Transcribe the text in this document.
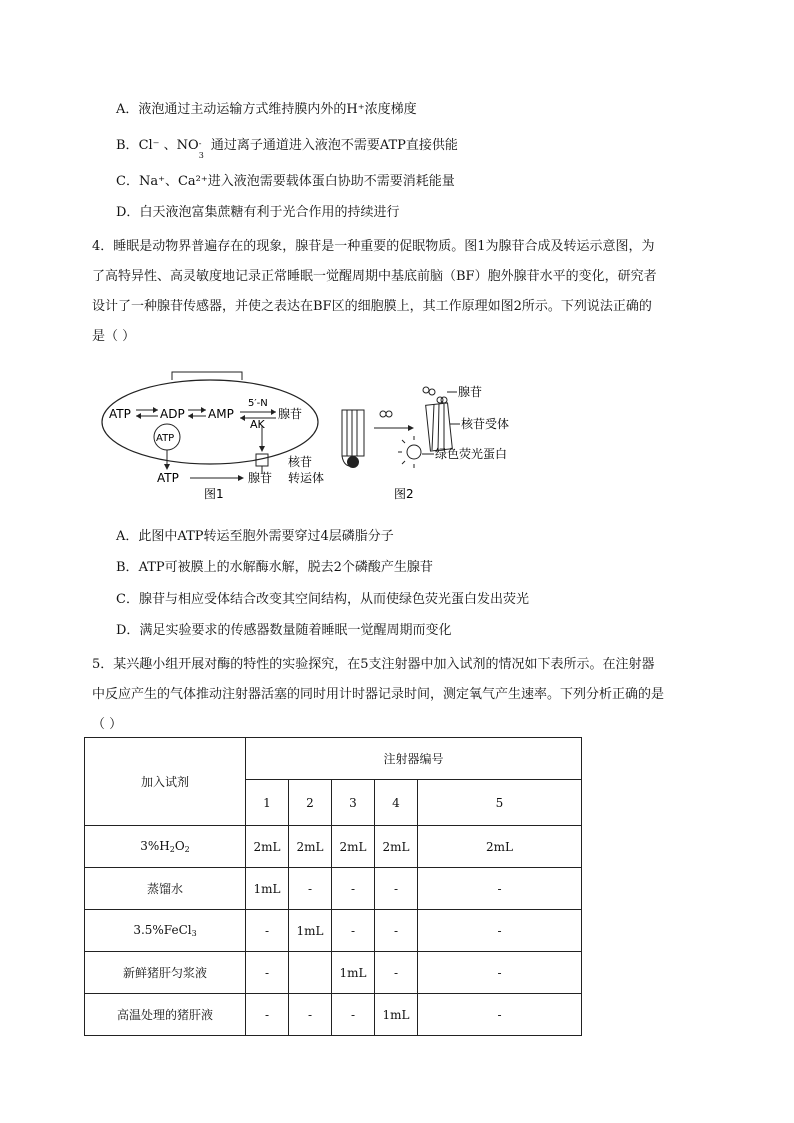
A．液泡通过主动运输方式维持膜内外的H⁺浓度梯度
B．Cl⁻ 、NO -
3
通过离子通道进入液泡不需要ATP直接供能
C．Na⁺、Ca²⁺进入液泡需要载体蛋白协助不需要消耗能量
D．白天液泡富集蔗糖有利于光合作用的持续进行
4．睡眠是动物界普遍存在的现象，腺苷是一种重要的促眠物质。图1为腺苷合成及转运示意图，为
了高特异性、高灵敏度地记录正常睡眠一觉醒周期中基底前脑（BF）胞外腺苷水平的变化，研究者
设计了一种腺苷传感器，并使之表达在BF区的细胞膜上，其工作原理如图2所示。下列说法正确的
是（ ）
ATP ADP AMP
5′-N
AK
腺苷
ATP
ATP	腺苷
核苷
转运体
图1
腺苷
核苷受体
绿色荧光蛋白
图2
A．此图中ATP转运至胞外需要穿过4层磷脂分子
B．ATP可被膜上的水解酶水解，脱去2个磷酸产生腺苷
C．腺苷与相应受体结合改变其空间结构，从而使绿色荧光蛋白发出荧光
D．满足实验要求的传感器数量随着睡眠一觉醒周期而变化
5．某兴趣小组开展对酶的特性的实验探究，在5支注射器中加入试剂的情况如下表所示。在注射器
中反应产生的气体推动注射器活塞的同时用计时器记录时间，测定氧气产生速率。下列分析正确的是
（ ）
加入试剂	注射器编号				
	1	2	3	4	5
$3\%H_2O_2$	2mL	2mL	2mL	2mL	2mL
蒸馏水	1mL	-	-	-	-
3.5%FeCl$_3$	-	1mL	-	-	-
新鲜猪肝匀浆液	-		1mL	-	-
高温处理的猪肝液	-	-	-	1mL	-
